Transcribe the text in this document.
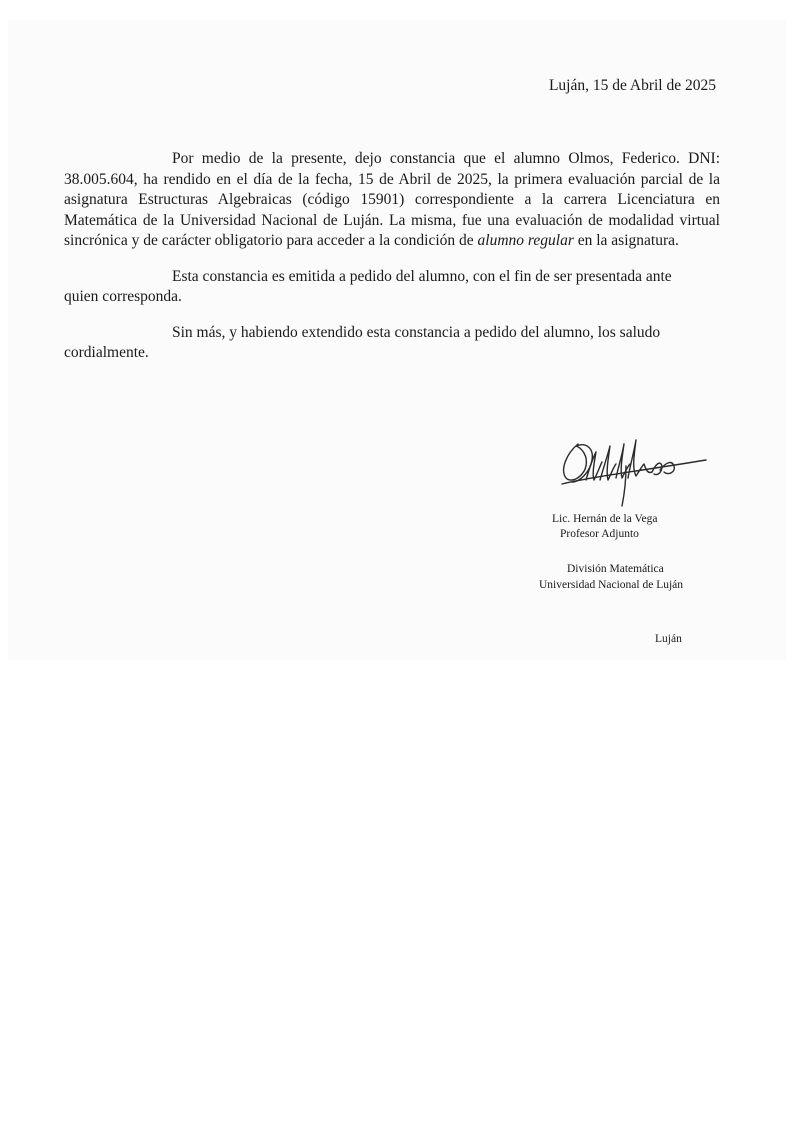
Luján, 15 de Abril de 2025

Por medio de la presente, dejo constancia que el alumno Olmos, Federico. DNI: 38.005.604, ha rendido en el día de la fecha, 15 de Abril de 2025, la primera evaluación parcial de la asignatura Estructuras Algebraicas (código 15901) correspondiente a la carrera Licenciatura en Matemática de la Universidad Nacional de Luján. La misma, fue una evaluación de modalidad virtual sincrónica y de carácter obligatorio para acceder a la condición de alumno regular en la asignatura.

Esta constancia es emitida a pedido del alumno, con el fin de ser presentada ante quien corresponda.

Sin más, y habiendo extendido esta constancia a pedido del alumno, los saludo cordialmente.

Lic. Hernán de la Vega
Profesor Adjunto
División Matemática
Universidad Nacional de Luján
Luján
